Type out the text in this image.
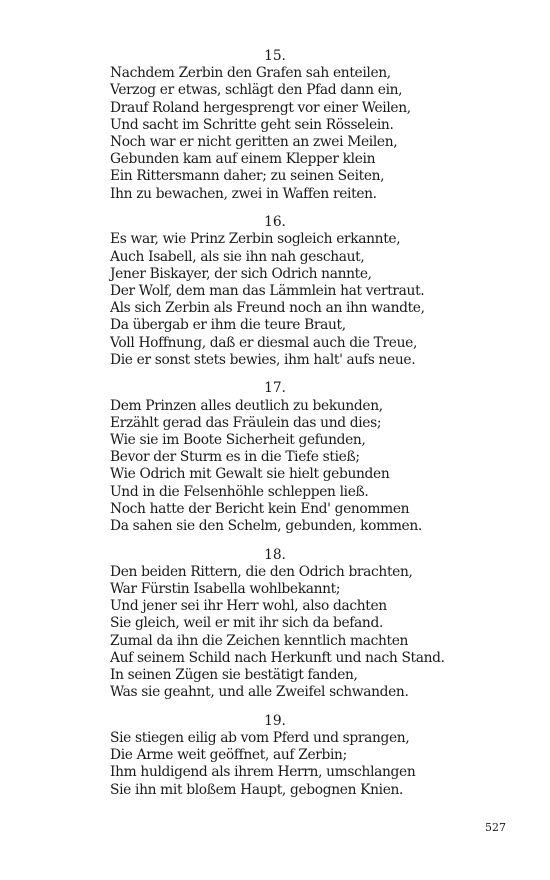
15.
Nachdem Zerbin den Grafen sah enteilen,
Verzog er etwas, schlägt den Pfad dann ein,
Drauf Roland hergesprengt vor einer Weilen,
Und sacht im Schritte geht sein Rösselein.
Noch war er nicht geritten an zwei Meilen,
Gebunden kam auf einem Klepper klein
Ein Rittersmann daher; zu seinen Seiten,
Ihn zu bewachen, zwei in Waffen reiten.
16.
Es war, wie Prinz Zerbin sogleich erkannte,
Auch Isabell, als sie ihn nah geschaut,
Jener Biskayer, der sich Odrich nannte,
Der Wolf, dem man das Lämmlein hat vertraut.
Als sich Zerbin als Freund noch an ihn wandte,
Da übergab er ihm die teure Braut,
Voll Hoffnung, daß er diesmal auch die Treue,
Die er sonst stets bewies, ihm halt' aufs neue.
17.
Dem Prinzen alles deutlich zu bekunden,
Erzählt gerad das Fräulein das und dies;
Wie sie im Boote Sicherheit gefunden,
Bevor der Sturm es in die Tiefe stieß;
Wie Odrich mit Gewalt sie hielt gebunden
Und in die Felsenhöhle schleppen ließ.
Noch hatte der Bericht kein End' genommen
Da sahen sie den Schelm, gebunden, kommen.
18.
Den beiden Rittern, die den Odrich brachten,
War Fürstin Isabella wohlbekannt;
Und jener sei ihr Herr wohl, also dachten
Sie gleich, weil er mit ihr sich da befand.
Zumal da ihn die Zeichen kenntlich machten
Auf seinem Schild nach Herkunft und nach Stand.
In seinen Zügen sie bestätigt fanden,
Was sie geahnt, und alle Zweifel schwanden.
19.
Sie stiegen eilig ab vom Pferd und sprangen,
Die Arme weit geöffnet, auf Zerbin;
Ihm huldigend als ihrem Herrn, umschlangen
Sie ihn mit bloßem Haupt, gebognen Knien.
527
